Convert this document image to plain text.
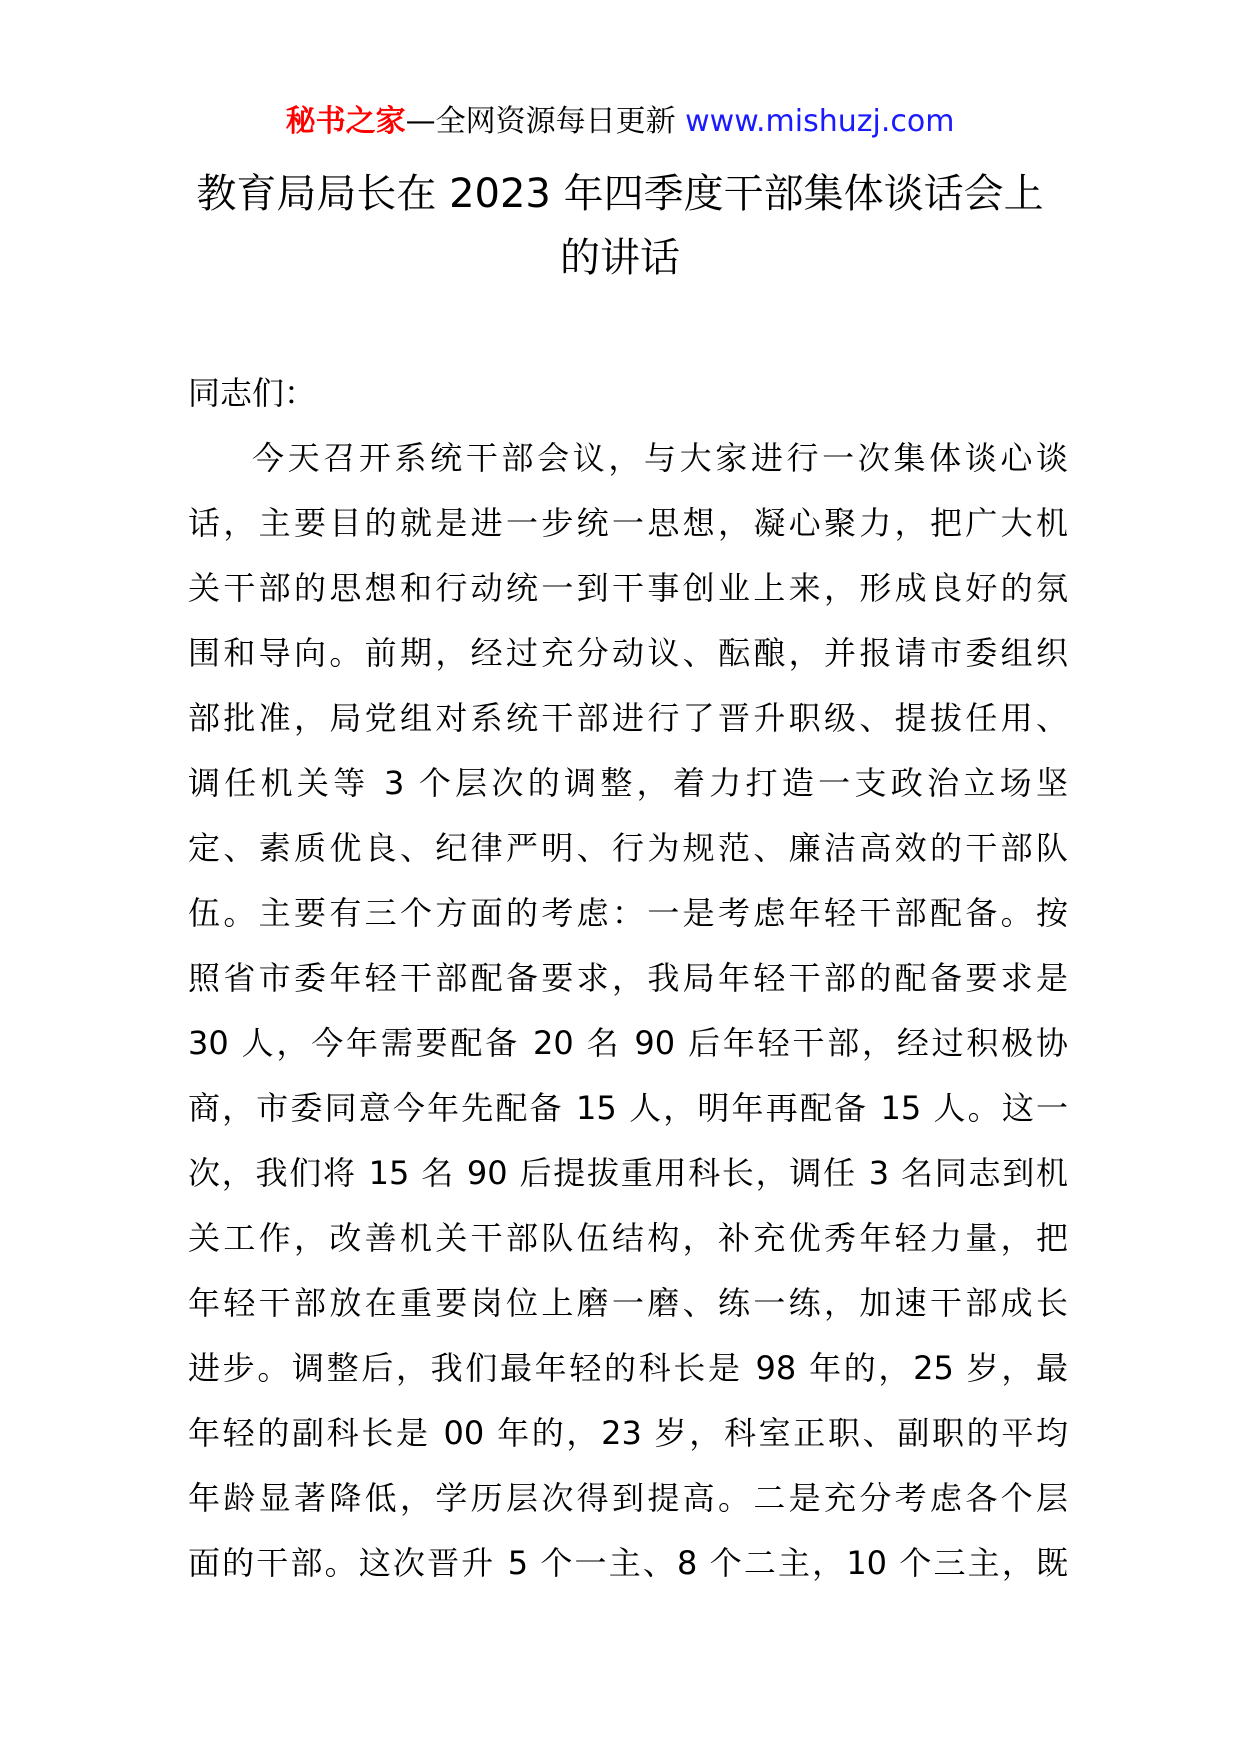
秘书之家—全网资源每日更新 www.mishuzj.com
教育局局长在 2023 年四季度干部集体谈话会上
的讲话
同志们：
今天召开系统干部会议，与大家进行一次集体谈心谈
话，主要目的就是进一步统一思想，凝心聚力，把广大机
关干部的思想和行动统一到干事创业上来，形成良好的氛
围和导向。前期，经过充分动议、酝酿，并报请市委组织
部批准，局党组对系统干部进行了晋升职级、提拔任用、
调任机关等 3 个层次的调整，着力打造一支政治立场坚
定、素质优良、纪律严明、行为规范、廉洁高效的干部队
伍。主要有三个方面的考虑：一是考虑年轻干部配备。按
照省市委年轻干部配备要求，我局年轻干部的配备要求是
30 人，今年需要配备 20 名 90 后年轻干部，经过积极协
商，市委同意今年先配备 15 人，明年再配备 15 人。这一
次，我们将 15 名 90 后提拔重用科长，调任 3 名同志到机
关工作，改善机关干部队伍结构，补充优秀年轻力量，把
年轻干部放在重要岗位上磨一磨、练一练，加速干部成长
进步。调整后，我们最年轻的科长是 98 年的，25 岁，最
年轻的副科长是 00 年的，23 岁，科室正职、副职的平均
年龄显著降低，学历层次得到提高。二是充分考虑各个层
面的干部。这次晋升 5 个一主、8 个二主，10 个三主，既
